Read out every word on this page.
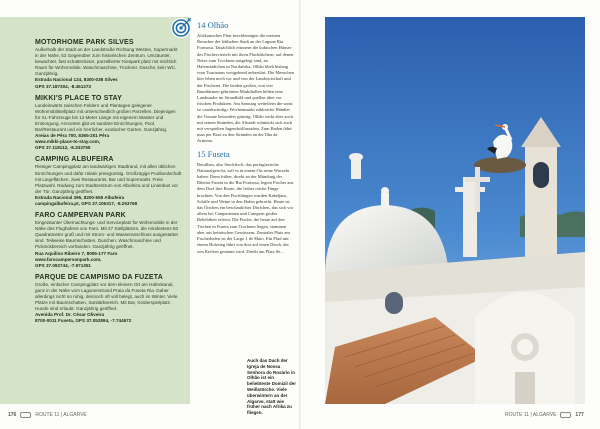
MOTORHOME PARK SILVES

Außerhalb der Stadt an der Landstraße Richtung Westen, Supermarkt in der Nähe, 53 Gegenüber zum historischen Zentrum. Umzäunter, bewachter, fast schattenloser, parzellierter Kiespark platz mit reichlich Raum für Wohnmobile. Waschmaschine, Trockner, Dusche, kein WC. Ganzjährig.

Estrada Nacional 124, 8300-038 Silves
GPS 37.187304, -8.451373

MIKKI'S PLACE TO STAY

Landeinwärts zwischen Feldern und Plantagen gelegener Wohnmobilstellplatz mit unterschiedlich großen Parzellen. Diejenigen für XL-Fahrzeuge bis 12 Meter Länge mit eigenem Wasser und Entsorgung. Annonten gibt es sanitäre Einrichtungen, Pool, Bar/Restaurant und ein herrlicher, exotischer Garten. Ganzjährig.

Areias de Pêra 700, 8365-201 Pêra
www.mikki-place-to-stay.com,
GPS 37.118112, -8.333755

CAMPING ALBUFEIRA

Riesiger Campingplatz am landwärtigen Stadtrand, mit allen üblichen Einrichtungen und dafür relativ preisgünstig. Großzügige Poollandschaft mit Liegeflächen, zwei Restaurants, Bar und Supermarkt. Freie Platzwahl. Radweg zum Stadtzentrum von Albufeira und Linienbus vor der Tür. Ganzjährig geöffnet.

Estrada Nacional 395, 8200-555 Albufeira
campingalbufeira.pt, GPS 37.106317, -8.253768

FARO CAMPERVAN PARK

Eingezäunter Übernachtungs- und Serviceplatz für Wohnmobile in der Nähe des Flughafens von Faro. Mit 27 Stellplätzen, die mindestens 50 Quadratmeter groß und mit Strom- und Wasseranschluss ausgestattet sind. Teilweise Baumschatten. Duschen, Waschmaschine und Picknickbereich vorhanden. Ganzjährig geöffnet.

Rua Aquilino Ribeiro 7, 8005-177 Faro
www.farocampervanpark.com,
GPS 37.092744, -7.971351

PARQUE DE CAMPISMO DA FUZETA

Große, einfacher Campingplatz vor dem kleinen Ort am Hafenkanal, ganz in der Nähe vom Lagunenstrand Praia da Fuseta Ria. Daher allerdings nicht so ruhig, dennoch oft voll belegt, auch im Winter. Viele Plätze mit Baumschatten, Sanitärbereich. Mit Bar, Kinderspielplatz. Hunde sind erlaubt. Ganzjährig geöffnet.

Avenida Prof. Dr. César Oliveira
8700-0011 Fuseta, GPS 37.052894, -7.744672

14 Olhão

Afrikanisches Flair beschleunigen die meisten Besucher der lebhaften Stadt an der Lagune Ria Formosa. Tatsächlich erinnern die kubischen Häuser des Fischerviertels mit ihren Flachdächern, auf denen Netze zum Trocknen ausgelegt sind, an Hafenstädtchen in Nordafrika. Olhão blieb bislang vom Tourismus weitgehend unberührt. Die Menschen hier leben noch vor und von der Landwirtschaft und der Fischerei. Die beiden großen, von vier Rundtürmen gekrönten Markthallen bilden eine Landmarke im Strandbild und quellen über vor frischen Produkten. Am Samstag wetteifern die sonst so »merkwürdig« Wochenmarkt zahlreiche Händler die Tomate besonders günstig. Olhão wirkt aber auch mit seinen Stränden, die Altstadt schmückt sich auch mit verspielten Jugendstilfassaden. Zum Baden fährt man per Boot zu den Stränden an der Ilha da Armona.

15 Fuseta

Bacalhau, also Stockfisch, das portugiesische Nationalgericht, soll es in einem Ort seine Wurzeln haben. Denn früher, direkt an der Mündung der Ribeira Fuseta in die Ria Formosa, legten Fischer aus dem Dorf ihre Boote, die früher reiche Fänge brachten. Von den Fischfängen wurden Kabeljaus, Schiffe und Weine in den Hafen gebracht. Heute ist das Örtchen ein beschauliches Dörfchen, das sich vor allem bei Camperinnen und Campern großer Beliebtheit erfreut. Die Fische, die heute auf den Tischen in Fuseta zum Trocknen liegen, stammen aber aus heimischen Gewässern. Zentraler Platz am Fischerhafen ist der Largo 1 de Maio. Ein Pfad mit einem Holzsteg führt von dort auf einen Deich, der von Kiefern gesäumt wird. Direkt am Platz Se...

176	ROUTE 11 | ALGARVE

Auch das Dach der Igreja de Nossa Senhora do Rosário in Olhão ist ein beliebteste Domizil der Weißstörche. Viele überwintern an der Algarve, statt wie früher nach Afrika zu fliegen.	ROUTE 11 | ALGARVE	177
